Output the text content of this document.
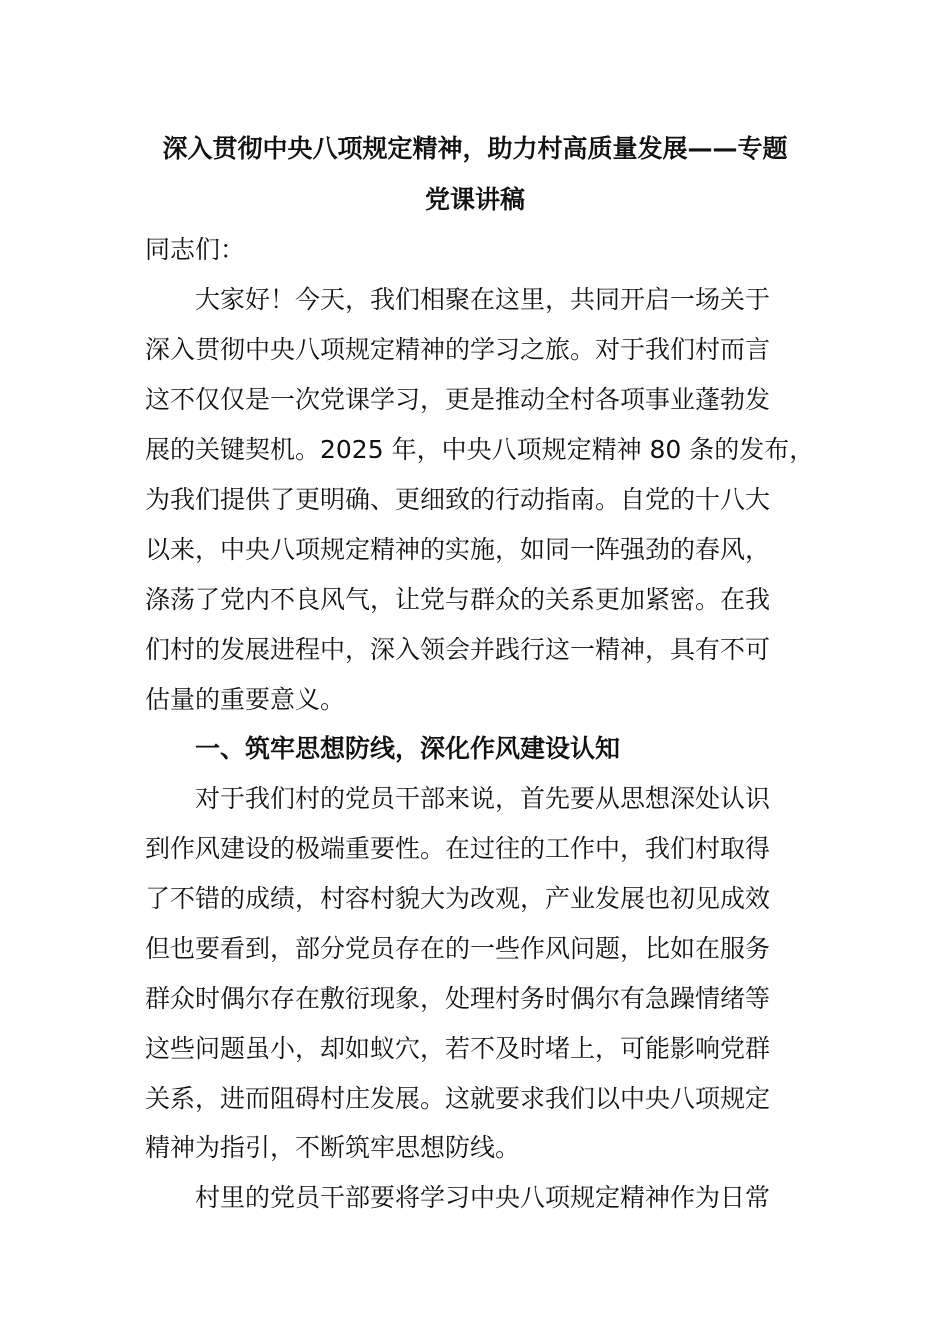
深入贯彻中央八项规定精神，助力村高质量发展——专题
党课讲稿

同志们：

大家好！今天，我们相聚在这里，共同开启一场关于

深入贯彻中央八项规定精神的学习之旅。对于我们村而言

这不仅仅是一次党课学习，更是推动全村各项事业蓬勃发

展的关键契机。2025 年，中央八项规定精神 80 条的发布，

为我们提供了更明确、更细致的行动指南。自党的十八大

以来，中央八项规定精神的实施，如同一阵强劲的春风，

涤荡了党内不良风气，让党与群众的关系更加紧密。在我

们村的发展进程中，深入领会并践行这一精神，具有不可

估量的重要意义。

一、筑牢思想防线，深化作风建设认知

对于我们村的党员干部来说，首先要从思想深处认识

到作风建设的极端重要性。在过往的工作中，我们村取得

了不错的成绩，村容村貌大为改观，产业发展也初见成效

但也要看到，部分党员存在的一些作风问题，比如在服务

群众时偶尔存在敷衍现象，处理村务时偶尔有急躁情绪等

这些问题虽小，却如蚁穴，若不及时堵上，可能影响党群

关系，进而阻碍村庄发展。这就要求我们以中央八项规定

精神为指引，不断筑牢思想防线。

村里的党员干部要将学习中央八项规定精神作为日常
